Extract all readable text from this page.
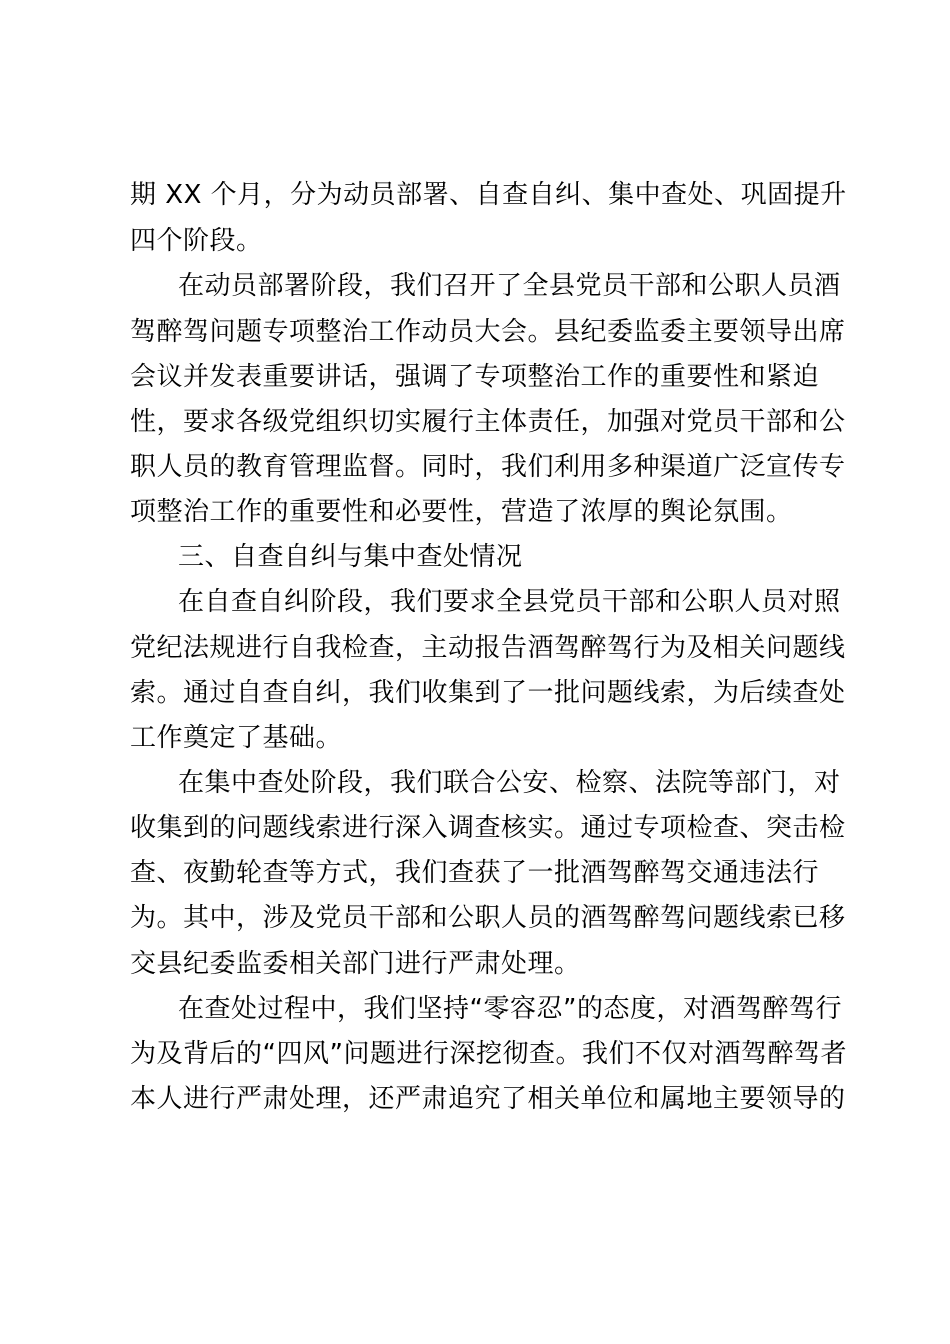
期 XX 个月，分为动员部署、自查自纠、集中查处、巩固提升
四个阶段。
在动员部署阶段，我们召开了全县党员干部和公职人员酒
驾醉驾问题专项整治工作动员大会。县纪委监委主要领导出席
会议并发表重要讲话，强调了专项整治工作的重要性和紧迫
性，要求各级党组织切实履行主体责任，加强对党员干部和公
职人员的教育管理监督。同时，我们利用多种渠道广泛宣传专
项整治工作的重要性和必要性，营造了浓厚的舆论氛围。
三、自查自纠与集中查处情况
在自查自纠阶段，我们要求全县党员干部和公职人员对照
党纪法规进行自我检查，主动报告酒驾醉驾行为及相关问题线
索。通过自查自纠，我们收集到了一批问题线索，为后续查处
工作奠定了基础。
在集中查处阶段，我们联合公安、检察、法院等部门，对
收集到的问题线索进行深入调查核实。通过专项检查、突击检
查、夜勤轮查等方式，我们查获了一批酒驾醉驾交通违法行
为。其中，涉及党员干部和公职人员的酒驾醉驾问题线索已移
交县纪委监委相关部门进行严肃处理。
在查处过程中，我们坚持“零容忍”的态度，对酒驾醉驾行
为及背后的“四风”问题进行深挖彻查。我们不仅对酒驾醉驾者
本人进行严肃处理，还严肃追究了相关单位和属地主要领导的
